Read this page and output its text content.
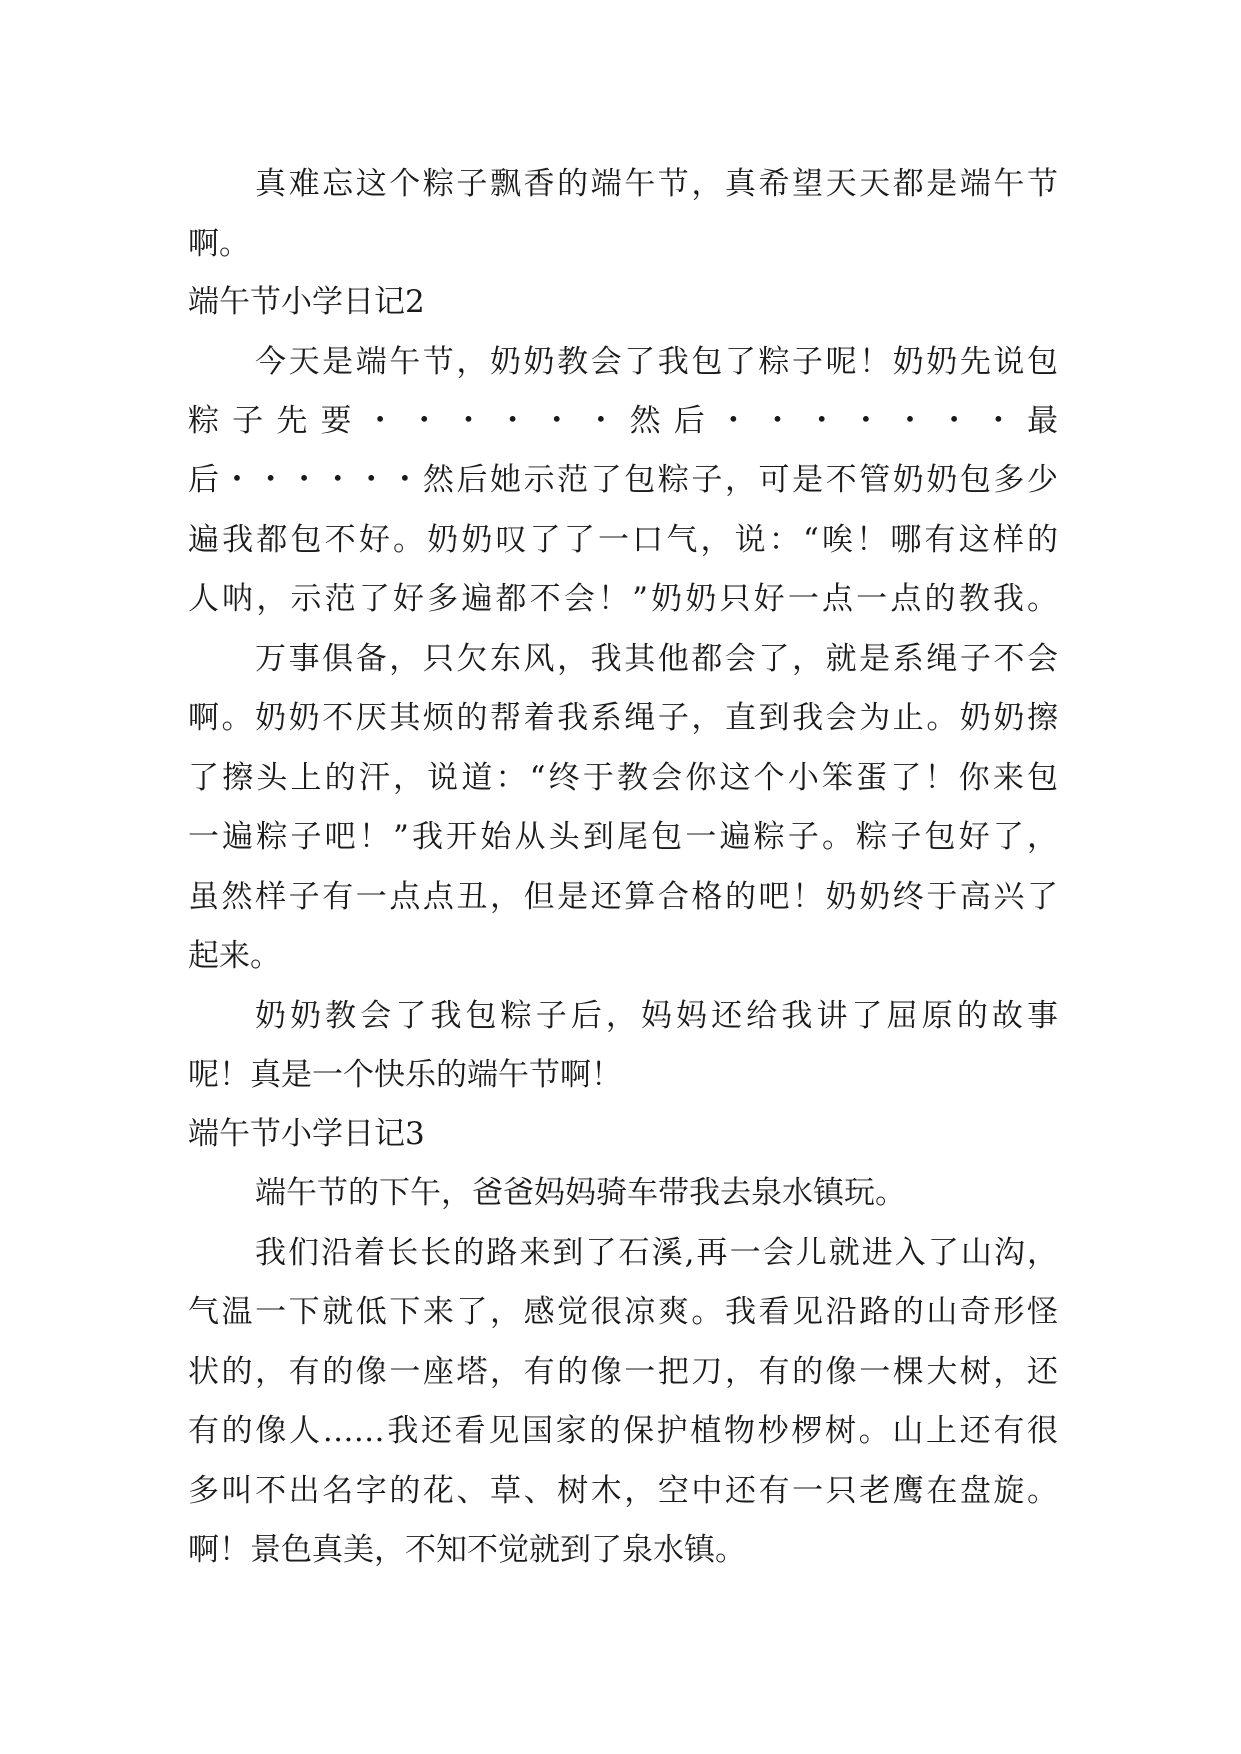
真难忘这个粽子飘香的端午节，真希望天天都是端午节

啊。

端午节小学日记2

今天是端午节，奶奶教会了我包了粽子呢！奶奶先说包

粽子先要・・・・・・然后・・・・・・・最

后・・・・・・然后她示范了包粽子，可是不管奶奶包多少

遍我都包不好。奶奶叹了了一口气，说：“唉！哪有这样的

人呐，示范了好多遍都不会！”奶奶只好一点一点的教我。

万事俱备，只欠东风，我其他都会了，就是系绳子不会

啊。奶奶不厌其烦的帮着我系绳子，直到我会为止。奶奶擦

了擦头上的汗，说道：“终于教会你这个小笨蛋了！你来包

一遍粽子吧！”我开始从头到尾包一遍粽子。粽子包好了，

虽然样子有一点点丑，但是还算合格的吧！奶奶终于高兴了

起来。

奶奶教会了我包粽子后，妈妈还给我讲了屈原的故事

呢！真是一个快乐的端午节啊！

端午节小学日记3

端午节的下午，爸爸妈妈骑车带我去泉水镇玩。

我们沿着长长的路来到了石溪,再一会儿就进入了山沟，

气温一下就低下来了，感觉很凉爽。我看见沿路的山奇形怪

状的，有的像一座塔，有的像一把刀，有的像一棵大树，还

有的像人……我还看见国家的保护植物杪椤树。山上还有很

多叫不出名字的花、草、树木，空中还有一只老鹰在盘旋。

啊！景色真美，不知不觉就到了泉水镇。
